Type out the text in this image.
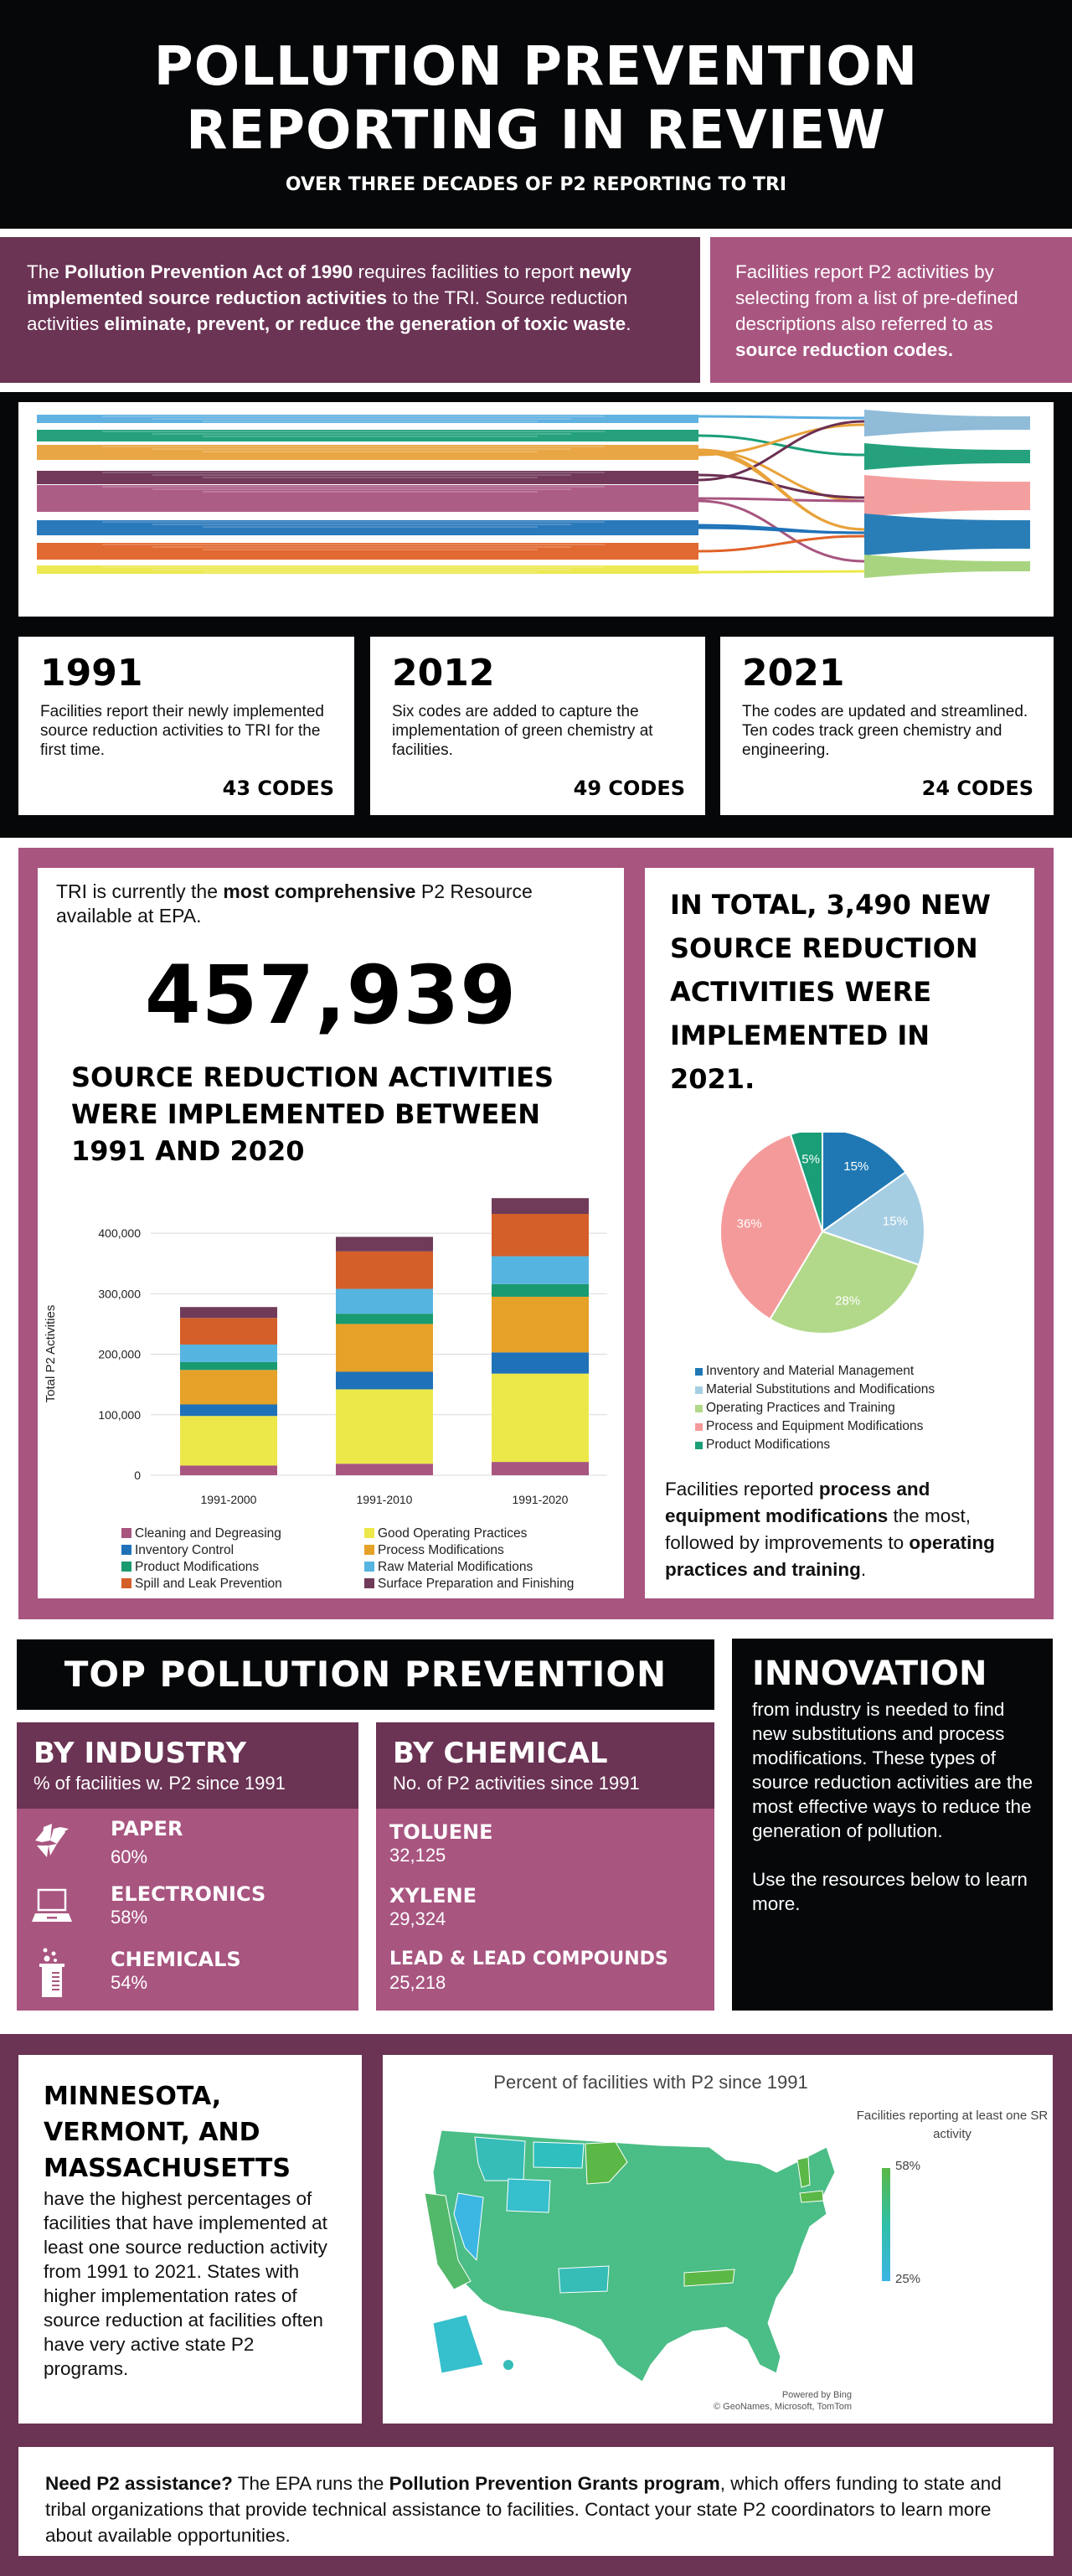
POLLUTION PREVENTION
REPORTING IN REVIEW
OVER THREE DECADES OF P2 REPORTING TO TRI
The Pollution Prevention Act of 1990 requires facilities to report newly implemented source reduction activities to the TRI. Source reduction activities eliminate, prevent, or reduce the generation of toxic waste.
Facilities report P2 activities by selecting from a list of pre-defined descriptions also referred to as source reduction codes.
1991
Facilities report their newly implemented source reduction activities to TRI for the first time.
43 CODES
2012
Six codes are added to capture the implementation of green chemistry at facilities.
49 CODES
2021
The codes are updated and streamlined. Ten codes track green chemistry and engineering.
24 CODES
TRI is currently the most comprehensive P2 Resource available at EPA.
457,939
SOURCE REDUCTION ACTIVITIES
WERE IMPLEMENTED BETWEEN
1991 AND 2020
Total P2 Activities
0
100,000
200,000
300,000
400,000
1991-2000	1991-2010	1991-2020
Cleaning and Degreasing	Good Operating Practices
Inventory Control	Process Modifications
Product Modifications	Raw Material Modifications
Spill and Leak Prevention	Surface Preparation and Finishing
IN TOTAL, 3,490 NEW
SOURCE REDUCTION
ACTIVITIES WERE
IMPLEMENTED IN
2021.
15%
15%
28%
36%
5%
Inventory and Material Management
Material Substitutions and Modifications
Operating Practices and Training
Process and Equipment Modifications
Product Modifications
Facilities reported process and equipment modifications the most, followed by improvements to operating practices and training.
TOP POLLUTION PREVENTION
BY INDUSTRY
% of facilities w. P2 since 1991
PAPER
60%
ELECTRONICS
58%
CHEMICALS
54%
BY CHEMICAL
No. of P2 activities since 1991
TOLUENE
32,125
XYLENE
29,324
LEAD & LEAD COMPOUNDS
25,218
INNOVATION
from industry is needed to find new substitutions and process modifications. These types of source reduction activities are the most effective ways to reduce the generation of pollution.
Use the resources below to learn more.
MINNESOTA,
VERMONT, AND
MASSACHUSETTS
have the highest percentages of facilities that have implemented at least one source reduction activity from 1991 to 2021. States with higher implementation rates of source reduction at facilities often have very active state P2 programs.
Percent of facilities with P2 since 1991
Facilities reporting at least one SR activity
58%
25%
Powered by Bing
© GeoNames, Microsoft, TomTom
Need P2 assistance? The EPA runs the Pollution Prevention Grants program, which offers funding to state and tribal organizations that provide technical assistance to facilities. Contact your state P2 coordinators to learn more about available opportunities.
